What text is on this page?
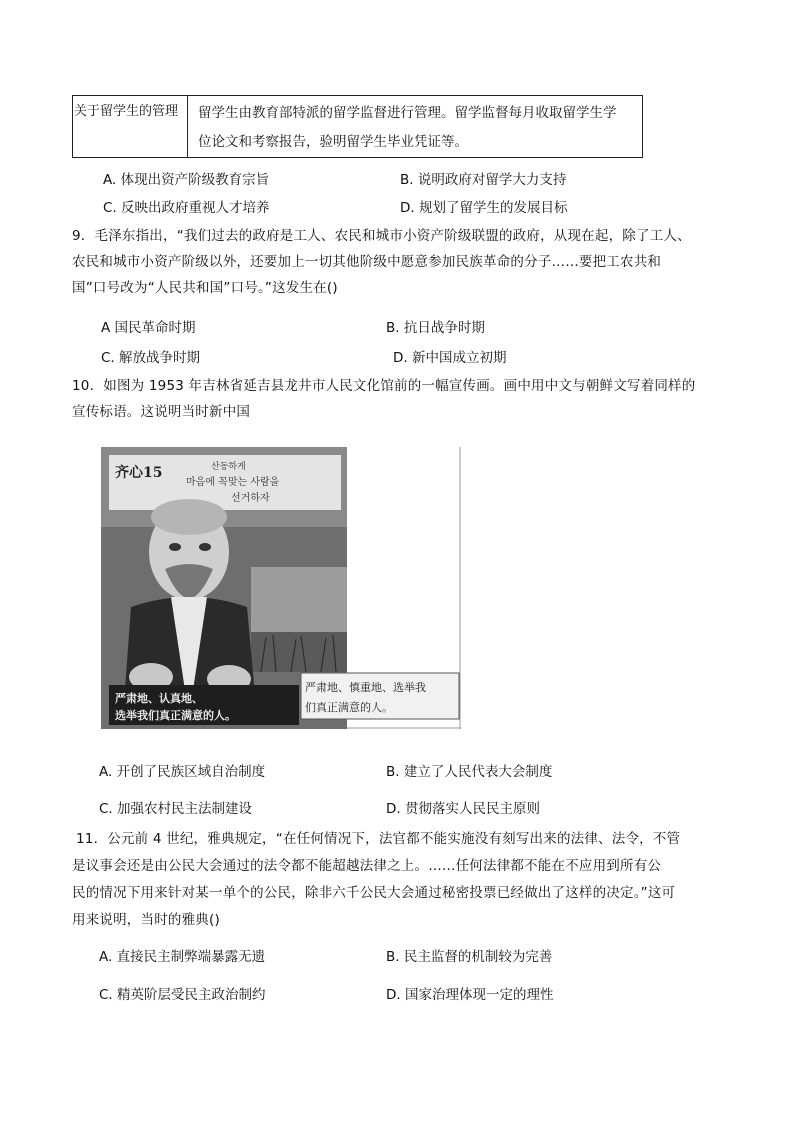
关于留学生的管理 留学生由教育部特派的留学监督进行管理。留学监督每月收取留学生学
位论文和考察报告，验明留学生毕业凭证等。
A. 体现出资产阶级教育宗旨	B. 说明政府对留学大力支持
C. 反映出政府重视人才培养	D. 规划了留学生的发展目标
9．毛泽东指出，“我们过去的政府是工人、农民和城市小资产阶级联盟的政府，从现在起，除了工人、
农民和城市小资产阶级以外，还要加上一切其他阶级中愿意参加民族革命的分子……要把工农共和
国”口号改为“人民共和国”口号。”这发生在()
A 国民革命时期	B. 抗日战争时期
C. 解放战争时期	D. 新中国成立初期
10．如图为 1953 年吉林省延吉县龙井市人民文化馆前的一幅宣传画。画中用中文与朝鲜文写着同样的
宣传标语。这说明当时新中国
齐心15	산동하게
마음에 꼭맞는 사람을
선거하자
严肃地、认真地、
选举我们真正满意的人。
严肃地、慎重地、选举我
们真正满意的人。
A. 开创了民族区域自治制度	B. 建立了人民代表大会制度
C. 加强农村民主法制建设	D. 贯彻落实人民民主原则
11．公元前 4 世纪，雅典规定，“在任何情况下，法官都不能实施没有刻写出来的法律、法令，不管
是议事会还是由公民大会通过的法令都不能超越法律之上。……任何法律都不能在不应用到所有公
民的情况下用来针对某一单个的公民，除非六千公民大会通过秘密投票已经做出了这样的决定。”这可
用来说明，当时的雅典()
A. 直接民主制弊端暴露无遗	B. 民主监督的机制较为完善
C. 精英阶层受民主政治制约	D. 国家治理体现一定的理性
